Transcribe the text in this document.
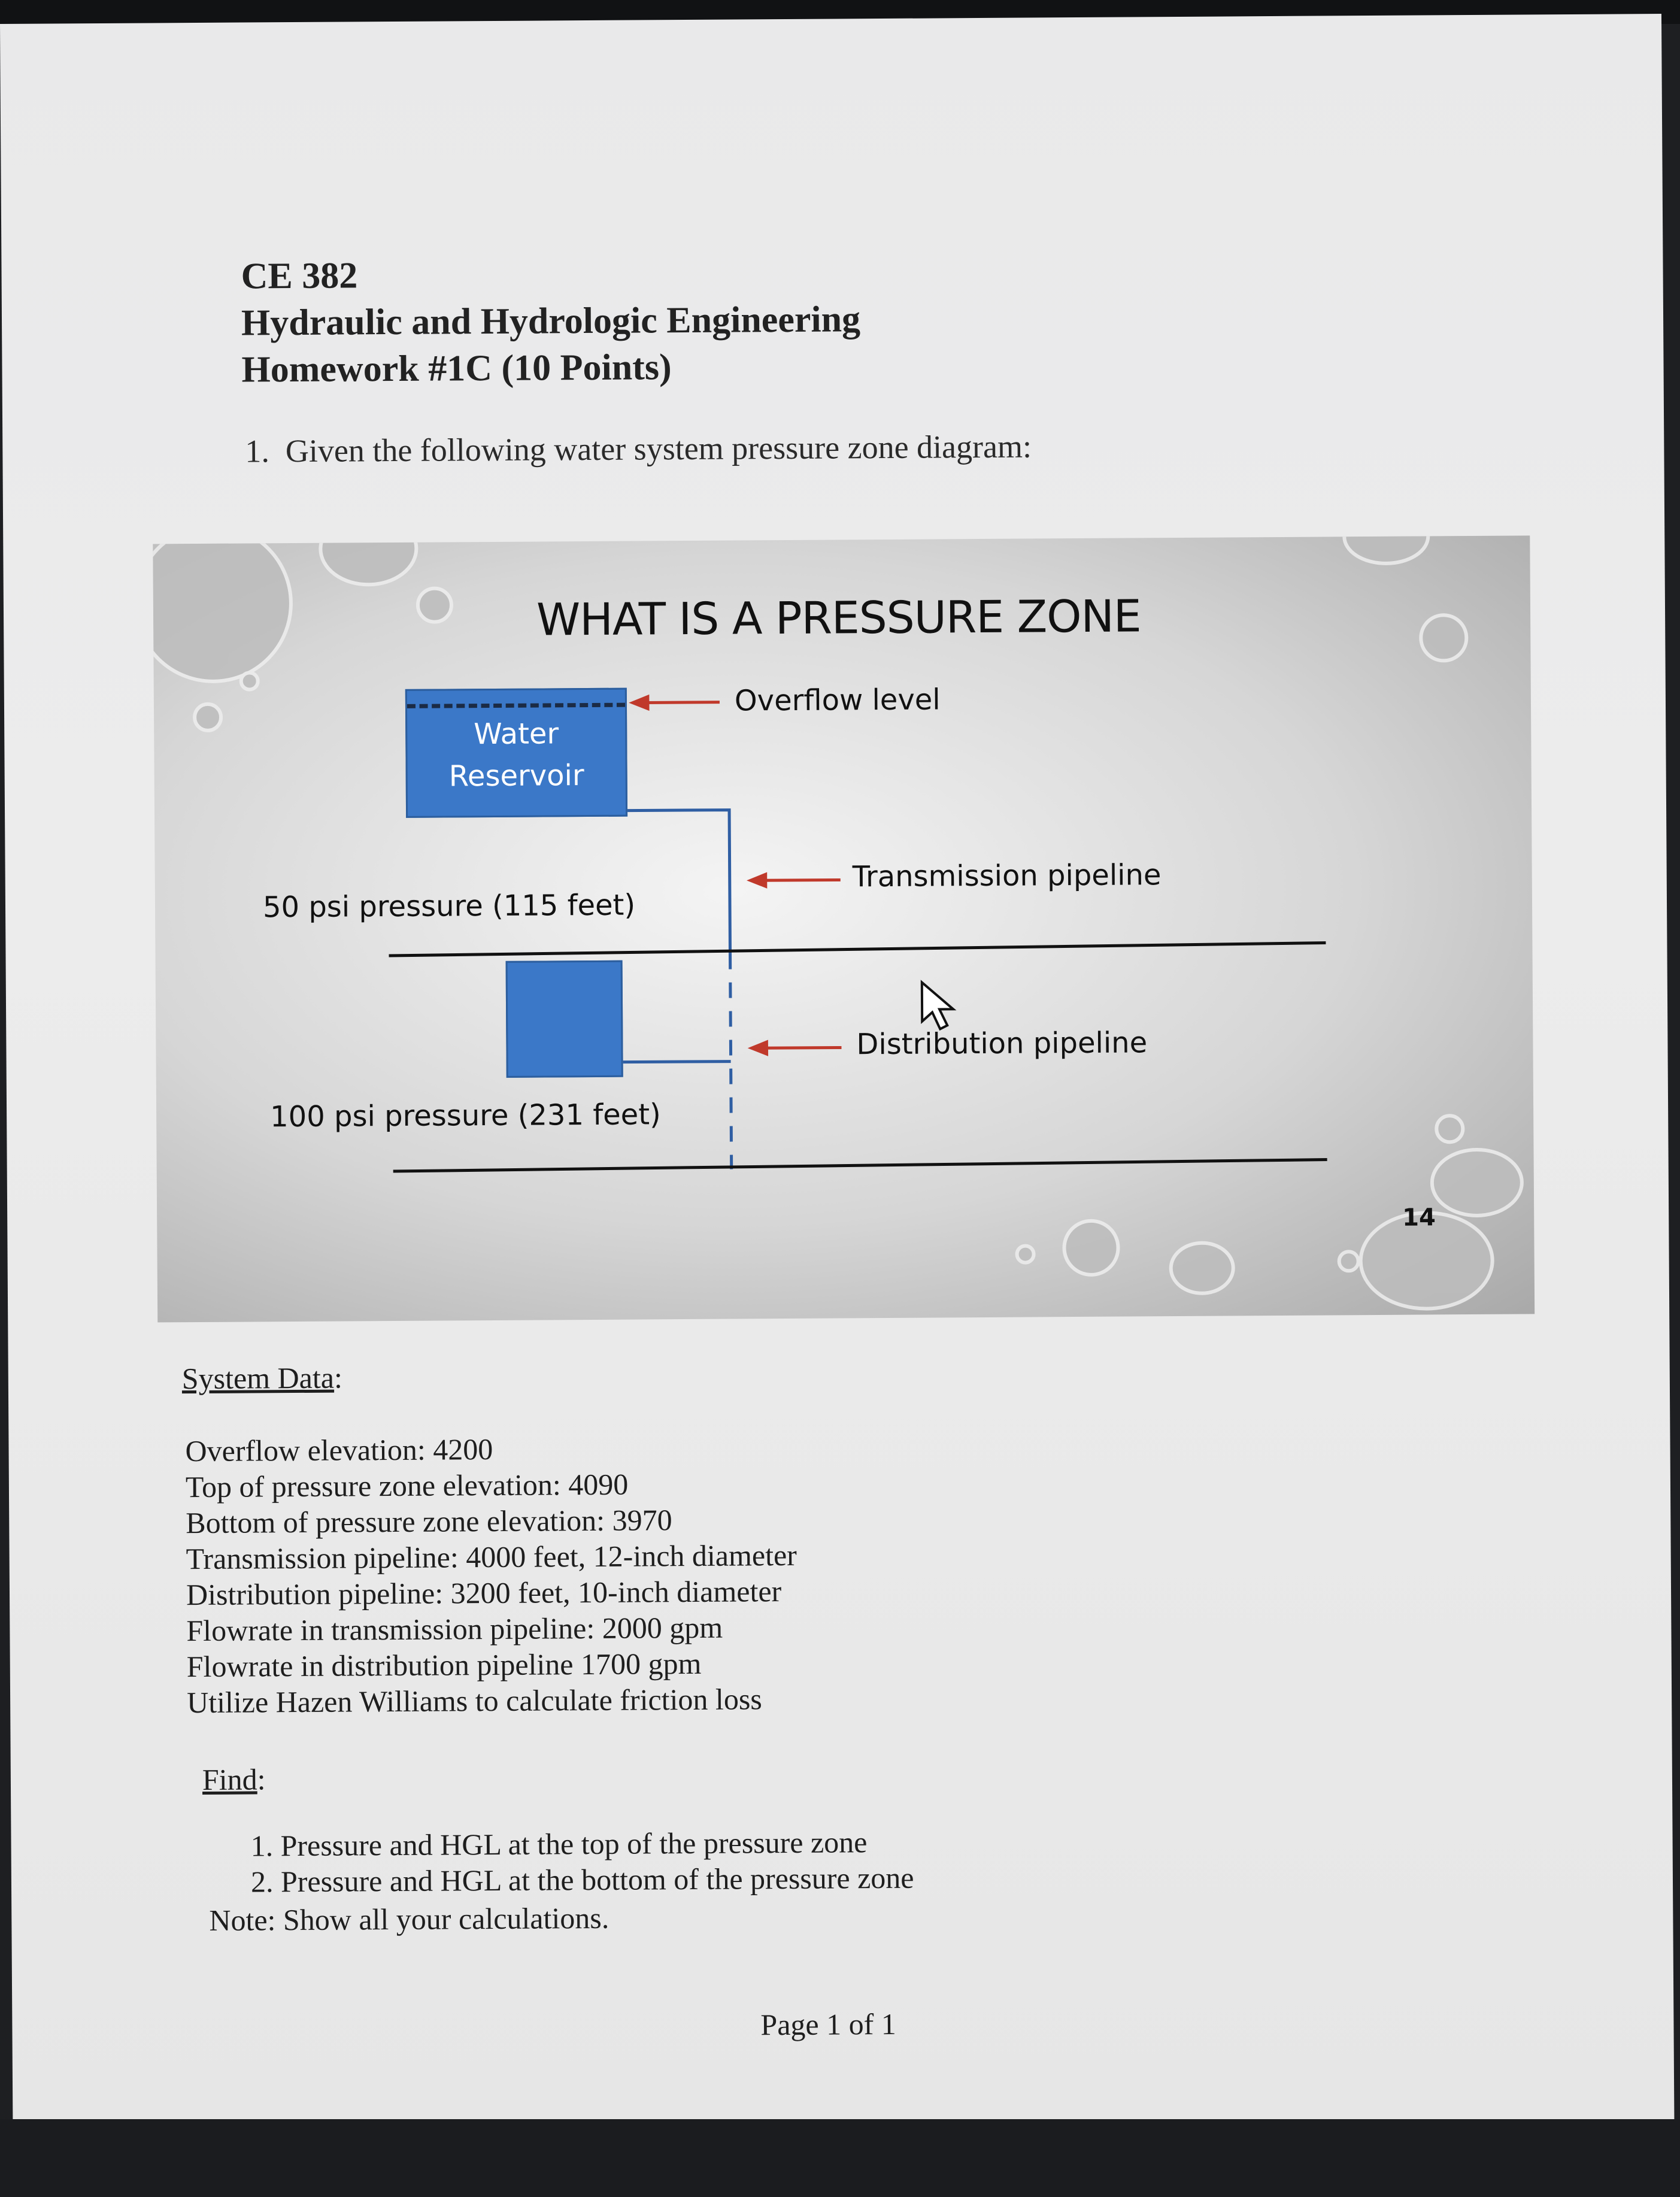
CE 382
Hydraulic and Hydrologic Engineering
Homework #1C (10 Points)
1. Given the following water system pressure zone diagram:
WHAT IS A PRESSURE ZONE
Water
Reservoir
Overflow level
Transmission pipeline
Distribution pipeline
50 psi pressure (115 feet)
100 psi pressure (231 feet)
14
System Data:
Overflow elevation: 4200
Top of pressure zone elevation: 4090
Bottom of pressure zone elevation: 3970
Transmission pipeline: 4000 feet, 12-inch diameter
Distribution pipeline: 3200 feet, 10-inch diameter
Flowrate in transmission pipeline: 2000 gpm
Flowrate in distribution pipeline 1700 gpm
Utilize Hazen Williams to calculate friction loss
Find:
1. Pressure and HGL at the top of the pressure zone
2. Pressure and HGL at the bottom of the pressure zone
Note: Show all your calculations.
Page 1 of 1
